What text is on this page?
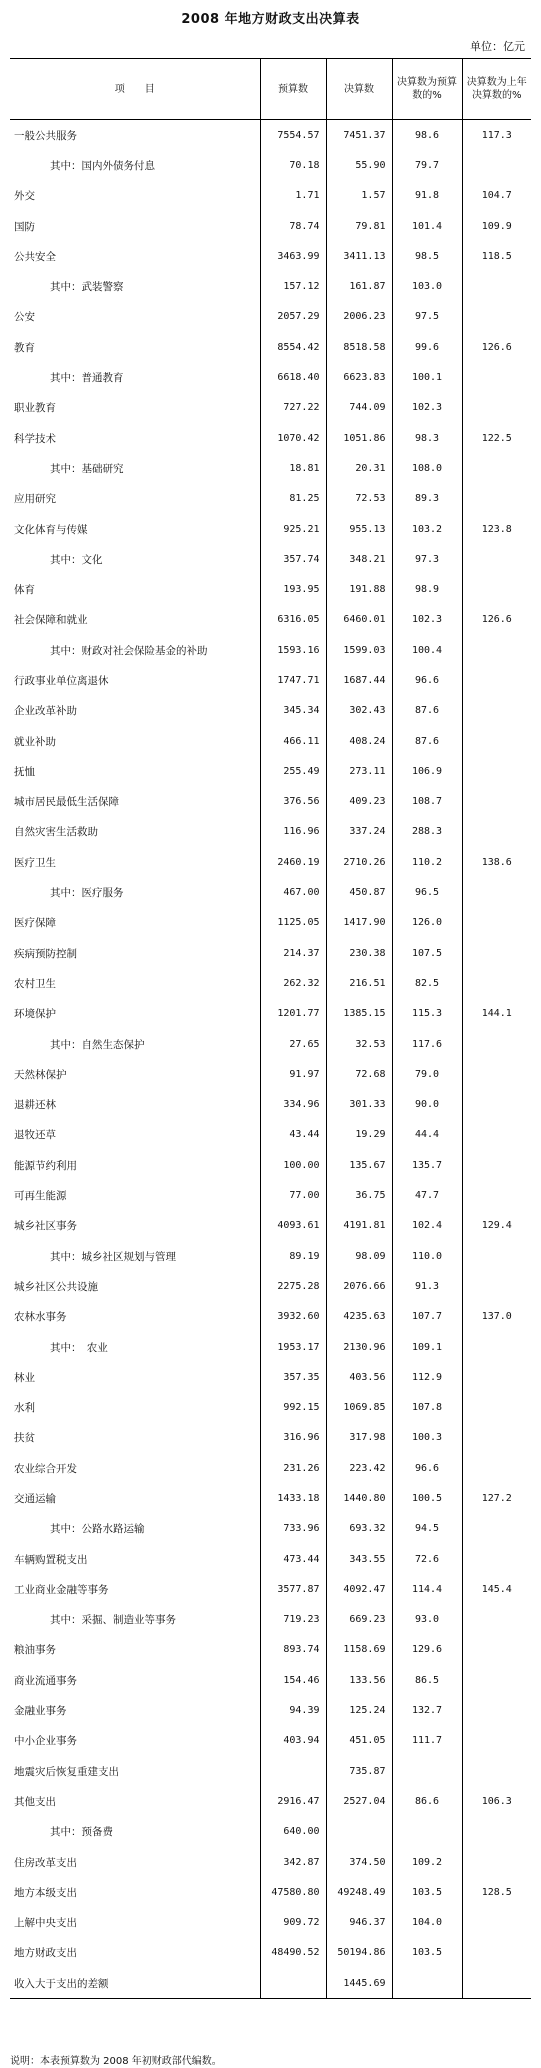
2008 年地方财政支出决算表
单位：亿元
项　　目	预算数	决算数	决算数为预算数的%	决算数为上年决算数的%
一般公共服务	7554.57	7451.37	98.6	117.3
其中：国内外债务付息	70.18	55.90	79.7	
外交	1.71	1.57	91.8	104.7
国防	78.74	79.81	101.4	109.9
公共安全	3463.99	3411.13	98.5	118.5
其中：武装警察	157.12	161.87	103.0	
公安	2057.29	2006.23	97.5	
教育	8554.42	8518.58	99.6	126.6
其中：普通教育	6618.40	6623.83	100.1	
职业教育	727.22	744.09	102.3	
科学技术	1070.42	1051.86	98.3	122.5
其中：基础研究	18.81	20.31	108.0	
应用研究	81.25	72.53	89.3	
文化体育与传媒	925.21	955.13	103.2	123.8
其中：文化	357.74	348.21	97.3	
体育	193.95	191.88	98.9	
社会保障和就业	6316.05	6460.01	102.3	126.6
其中：财政对社会保险基金的补助	1593.16	1599.03	100.4	
行政事业单位离退休	1747.71	1687.44	96.6	
企业改革补助	345.34	302.43	87.6	
就业补助	466.11	408.24	87.6	
抚恤	255.49	273.11	106.9	
城市居民最低生活保障	376.56	409.23	108.7	
自然灾害生活救助	116.96	337.24	288.3	
医疗卫生	2460.19	2710.26	110.2	138.6
其中：医疗服务	467.00	450.87	96.5	
医疗保障	1125.05	1417.90	126.0	
疾病预防控制	214.37	230.38	107.5	
农村卫生	262.32	216.51	82.5	
环境保护	1201.77	1385.15	115.3	144.1
其中：自然生态保护	27.65	32.53	117.6	
天然林保护	91.97	72.68	79.0	
退耕还林	334.96	301.33	90.0	
退牧还草	43.44	19.29	44.4	
能源节约利用	100.00	135.67	135.7	
可再生能源	77.00	36.75	47.7	
城乡社区事务	4093.61	4191.81	102.4	129.4
其中：城乡社区规划与管理	89.19	98.09	110.0	
城乡社区公共设施	2275.28	2076.66	91.3	
农林水事务	3932.60	4235.63	107.7	137.0
其中：　农业	1953.17	2130.96	109.1	
林业	357.35	403.56	112.9	
水利	992.15	1069.85	107.8	
扶贫	316.96	317.98	100.3	
农业综合开发	231.26	223.42	96.6	
交通运输	1433.18	1440.80	100.5	127.2
其中：公路水路运输	733.96	693.32	94.5	
车辆购置税支出	473.44	343.55	72.6	
工业商业金融等事务	3577.87	4092.47	114.4	145.4
其中：采掘、制造业等事务	719.23	669.23	93.0	
粮油事务	893.74	1158.69	129.6	
商业流通事务	154.46	133.56	86.5	
金融业事务	94.39	125.24	132.7	
中小企业事务	403.94	451.05	111.7	
地震灾后恢复重建支出		735.87		
其他支出	2916.47	2527.04	86.6	106.3
其中：预备费	640.00			
住房改革支出	342.87	374.50	109.2	
地方本级支出	47580.80	49248.49	103.5	128.5
上解中央支出	909.72	946.37	104.0	
地方财政支出	48490.52	50194.86	103.5	
收入大于支出的差额		1445.69		
说明：本表预算数为 2008 年初财政部代编数。
